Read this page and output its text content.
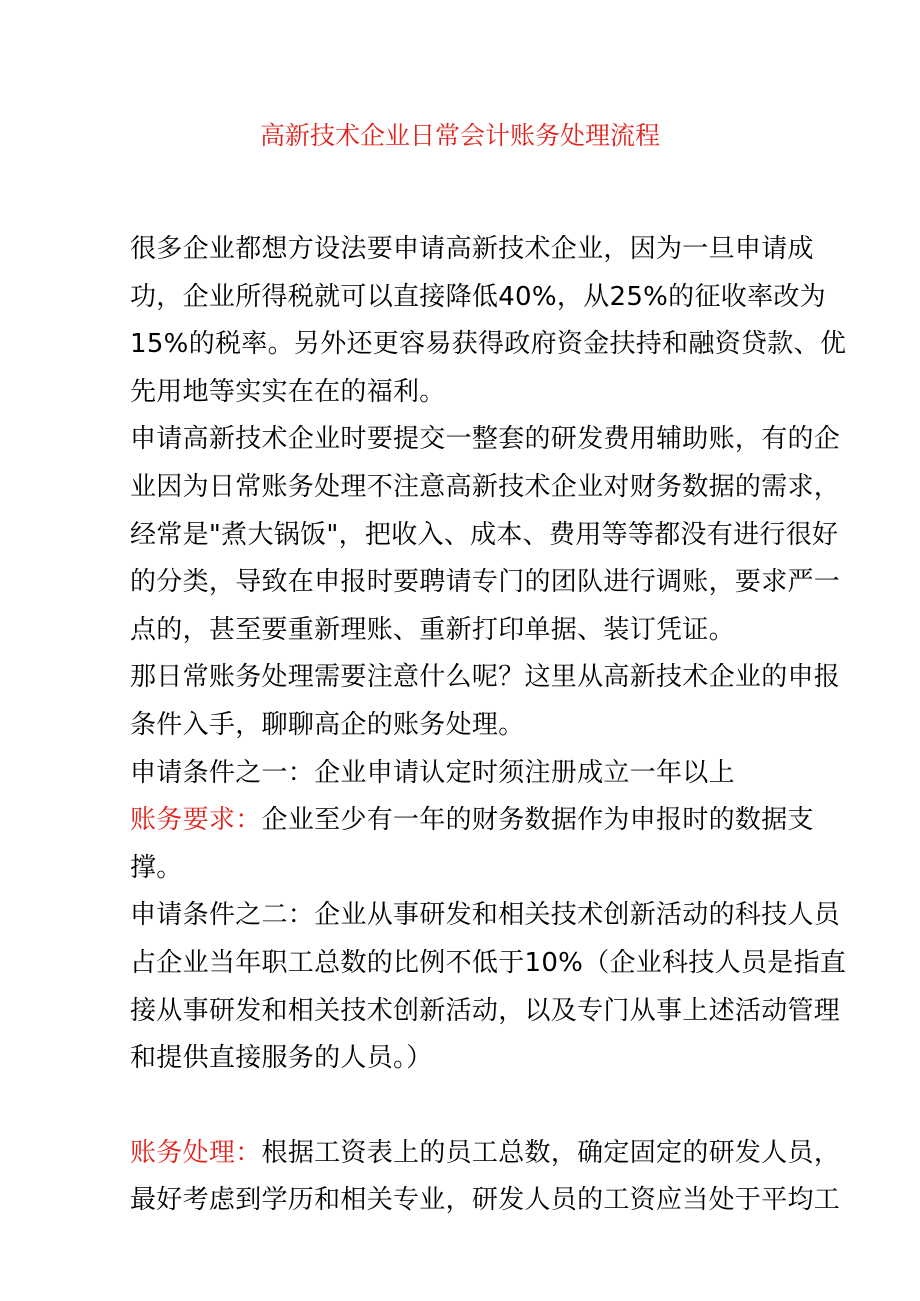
高新技术企业日常会计账务处理流程

很多企业都想方设法要申请高新技术企业，因为一旦申请成功，企业所得税就可以直接降低40%，从25%的征收率改为15%的税率。另外还更容易获得政府资金扶持和融资贷款、优先用地等实实在在的福利。

申请高新技术企业时要提交一整套的研发费用辅助账，有的企业因为日常账务处理不注意高新技术企业对财务数据的需求，经常是"煮大锅饭"，把收入、成本、费用等等都没有进行很好的分类，导致在申报时要聘请专门的团队进行调账，要求严一点的，甚至要重新理账、重新打印单据、装订凭证。

那日常账务处理需要注意什么呢？这里从高新技术企业的申报条件入手，聊聊高企的账务处理。

申请条件之一：企业申请认定时须注册成立一年以上

账务要求：企业至少有一年的财务数据作为申报时的数据支撑。

申请条件之二：企业从事研发和相关技术创新活动的科技人员占企业当年职工总数的比例不低于10%（企业科技人员是指直接从事研发和相关技术创新活动，以及专门从事上述活动管理和提供直接服务的人员。）

账务处理：根据工资表上的员工总数，确定固定的研发人员，最好考虑到学历和相关专业，研发人员的工资应当处于平均工
